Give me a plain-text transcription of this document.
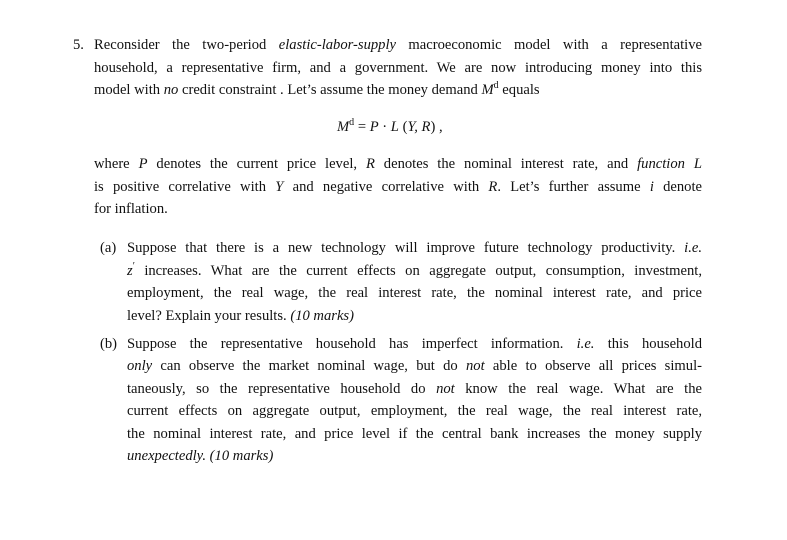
5. Reconsider the two-period elastic-labor-supply macroeconomic model with a representative
household, a representative firm, and a government. We are now introducing money into this
model with no credit constraint . Let’s assume the money demand $M^d$ equals
$M^d = P \cdot L$ (Y, R) ,
where P denotes the current price level, R denotes the nominal interest rate, and function L
is positive correlative with Y and negative correlative with R. Let’s further assume i denote
for inflation.
(a) Suppose that there is a new technology will improve future technology productivity. i.e.
z′ increases. What are the current effects on aggregate output, consumption, investment,
employment, the real wage, the real interest rate, the nominal interest rate, and price
level? Explain your results. (10 marks)
(b) Suppose the representative household has imperfect information. i.e. this household
only can observe the market nominal wage, but do not able to observe all prices simul-
taneously, so the representative household do not know the real wage. What are the
current effects on aggregate output, employment, the real wage, the real interest rate,
the nominal interest rate, and price level if the central bank increases the money supply
unexpectedly. (10 marks)
